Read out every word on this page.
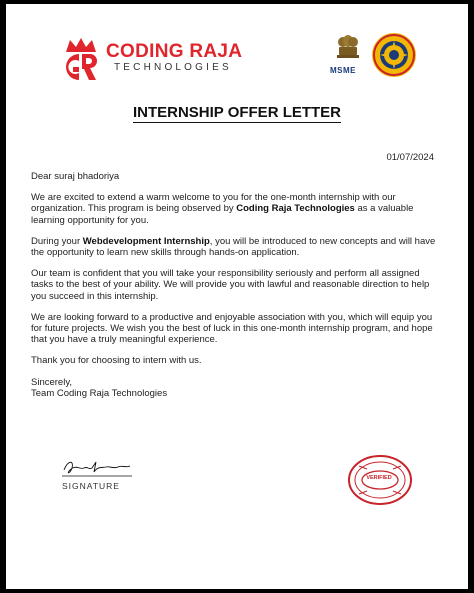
CODING RAJA
TECHNOLOGIES	MSME
INTERNSHIP OFFER LETTER
01/07/2024

Dear suraj bhadoriya

We are excited to extend a warm welcome to you for the one-month internship with our organization. This program is being observed by Coding Raja Technologies as a valuable learning opportunity for you.

During your Webdevelopment Internship, you will be introduced to new concepts and will have the opportunity to learn new skills through hands-on application.

Our team is confident that you will take your responsibility seriously and perform all assigned tasks to the best of your ability. We will provide you with lawful and reasonable direction to help you succeed in this internship.

We are looking forward to a productive and enjoyable association with you, which will equip you for future projects. We wish you the best of luck in this one-month internship program, and hope that you have a truly meaningful experience.

Thank you for choosing to intern with us.

Sincerely,

Team Coding Raja Technologies

SIGNATURE
VERIFIED
